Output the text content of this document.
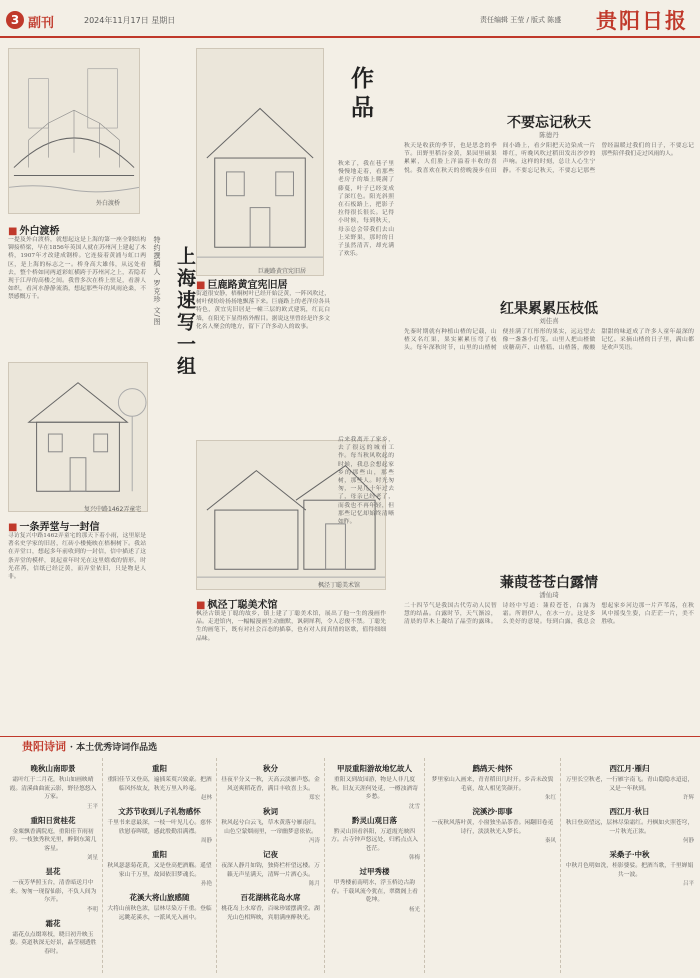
3 副刊	2024年11月17日 星期日	责任编辑 王莹 / 版式 陈盛 贵阳日报
外白渡桥
■ 外白渡桥
一提及外白渡桥，就想起这是上海的第一座全钢结构铆接桥梁，早在1856年英国人就在苏州河上建起了木桥，1907年才改建成钢桥。它连接着黄浦与虹口两区，是上海的标志之一。桥身高大雄伟，从远处看去，整个桥如同两道彩虹横跨于苏州河之上，若隐若现于江岸的高楼之间。我曾多次在桥上驻足，看游人如织，看河水静静流淌，想起那些年的风雨沧桑，不禁感慨万千。	上海速写一组
特约撰稿人 罗克珍 文/图
复兴中路1462弄童宅
■ 一条弄堂与一封信
寻访复兴中路1462弄童宅的那天下着小雨，这里原是著名史学家的旧居，红砖小楼掩映在梧桐树下。我站在弄堂口，想起多年前收到的一封信，信中描述了这条弄堂的模样，说起童年时光在这里嬉戏的情形。时光荏苒，信纸已经泛黄，而弄堂依旧，只是物是人非。
巨鹿路黄宜宪旧居
■ 巨鹿路黄宜宪旧居
街道很安静，梧桐树叶已经开始泛黄，一阵风吹过，树叶便纷纷扬扬地飘落下来。巨鹿路上的老洋房各具特色，黄宜宪旧居是一幢三层的欧式建筑，红瓦白墙，在阳光下显得格外醒目。据说这里曾经是许多文化名人聚会的地方，留下了许多动人的故事。
枫泾丁聪美术馆
■ 枫泾丁聪美术馆
枫泾古镇是丁聪的故乡，镇上建了丁聪美术馆，展出了他一生的漫画作品。走进馆内，一幅幅漫画生动幽默，讽刺犀利，令人忍俊不禁。丁聪先生的画笔下，既有对社会百态的描摹，也有对人间真情的讴歌，值得细细品味。
作品
秋来了，我在巷子里慢慢地走着，看那些老房子的墙上爬满了藤蔓，叶子已经变成了深红色。阳光斜照在石板路上，把影子拉得很长很长。记得小时候，每到秋天，母亲总会带我们去山上采野果，那时的日子虽然清苦，却充满了欢乐。
后来我离开了家乡，去了很远的城市工作。每当秋风吹起的时候，我总会想起家乡的那些山，那些树，那些人。时光匆匆，一晃几十年过去了，母亲已经老了，而我也不再年轻，但那些记忆却始终清晰如昨。
不要忘记秋天
陈德丹
秋天是收获的季节，也是思念的季节。田野里稻谷金黄，果园里硕果累累，人们脸上洋溢着丰收的喜悦。我喜欢在秋天的傍晚漫步在田间小路上，看夕阳把天边染成一片绯红，听晚风吹过稻田发出沙沙的声响。这样的时刻，总让人心生宁静。不要忘记秋天，不要忘记那些曾经温暖过我们的日子，不要忘记那些陪伴我们走过风雨的人。
红果累累压枝低
刘佳喜
先秦时期就有种植山楂的记载，山楂又名红果，果实累累压弯了枝头。每年深秋时节，山里的山楂树便挂满了红彤彤的果实，远远望去像一盏盏小灯笼。山里人把山楂做成糖葫芦、山楂糕、山楂酱，酸酸甜甜的味道成了许多人童年最深的记忆。采摘山楂的日子里，满山都是欢声笑语。
蒹葭苍苍白露情
潘仙琦
二十四节气是我国古代劳动人民智慧的结晶。白露时节，天气渐凉，清晨的草木上凝结了晶莹的露珠。诗经中写道：蒹葭苍苍，白露为霜。所谓伊人，在水一方。这是多么美好的意境。每到白露，我总会想起家乡河边那一片芦苇荡，在秋风中摇曳生姿，白茫茫一片，美不胜收。
贵阳诗词 · 本土优秀诗词作品选
晚秋山南即景
霜叶红于二月花，秋山如画映晴霞。清溪曲曲流云影，野径悠悠入万家。
王平
重阳日赏桂花
金粟飘香满院庭，重阳佳节雨初停。一枝独秀秋光里，醉倒东篱几客星。
刘星
昙花
一夜芳华照玉台，清香暗送月中来。匆匆一现留仙影，不负人间为尔开。
李明
霜花
霜花点点缀寒枝，晓日初升映玉姿。莫道秋深无好景，晶莹剔透胜春时。
重阳
重阳佳节又登高，遍插茱萸兴致豪。把酒临风怀故友，秋光万里入吟毫。
赵林
文苏节收到儿子礼物感怀
千里书来意最深，一枝一叶见儿心。慈怀欣慰春晖暖，感此殷勤泪满襟。
周静
重阳
秋风瑟瑟菊花黄，又是登高把酒觞。遥望家山千万里，故园依旧梦魂长。
孙艳
花溪大将山旅感随
大将山前秋色浓，层林尽染万千重。登临远眺花溪水，一派风光入画中。
秋分
昼夜平分又一秋，天高云淡雁声悠。金风送爽稻花香，满目丰收喜上头。
郑宏
秋词
秋风起兮白云飞，草木黄落兮雁南归。山色空蒙烟雨里，一帘幽梦意依依。
冯涛
记夜
夜深人静月如钩，独倚栏杆望远楼。万籁无声星满天，清辉一片洒心头。
陈月
百花湖桃花岛水席
桃花岛上水席香，百味珍馐摆满堂。湖光山色相辉映，宾朋满座醉秋光。
甲辰重阳游故地忆故人
重阳又到故园游，物是人非几度秋。旧友天涯何处觅，一樽浊酒寄乡愁。
沈雪
黔灵山观日落
黔灵山顶看斜阳，万道霞光映四方。古寺钟声悠远处，归鸦点点入苍茫。
韩梅
过甲秀楼
甲秀楼前南明水，浮玉桥边古韵存。千载风流今犹在，翠微阁上看乾坤。
杨光
鹧鸪天·纯怀
梦里家山入画来，青青稻田几时开。乡音未改鬓毛衰，故人相见笑颜开。
朱红
浣溪沙·即事
一夜秋风落叶黄，小窗独坐品茶香。闲翻旧卷觅诗行，淡淡秋光入梦长。
秦风
西江月·雁归
万里长空秋老，一行雁字南飞。青山隐隐水迢迢，又是一年秋到。
许辉
西江月·秋日
秋日登高望远，层林尽染霜红。丹枫如火照苍穹，一片秋光正浓。
何静
采桑子·中秋
中秋月色明如洗，桂影婆娑。把酒当歌，千里婵娟共一波。
吕平
